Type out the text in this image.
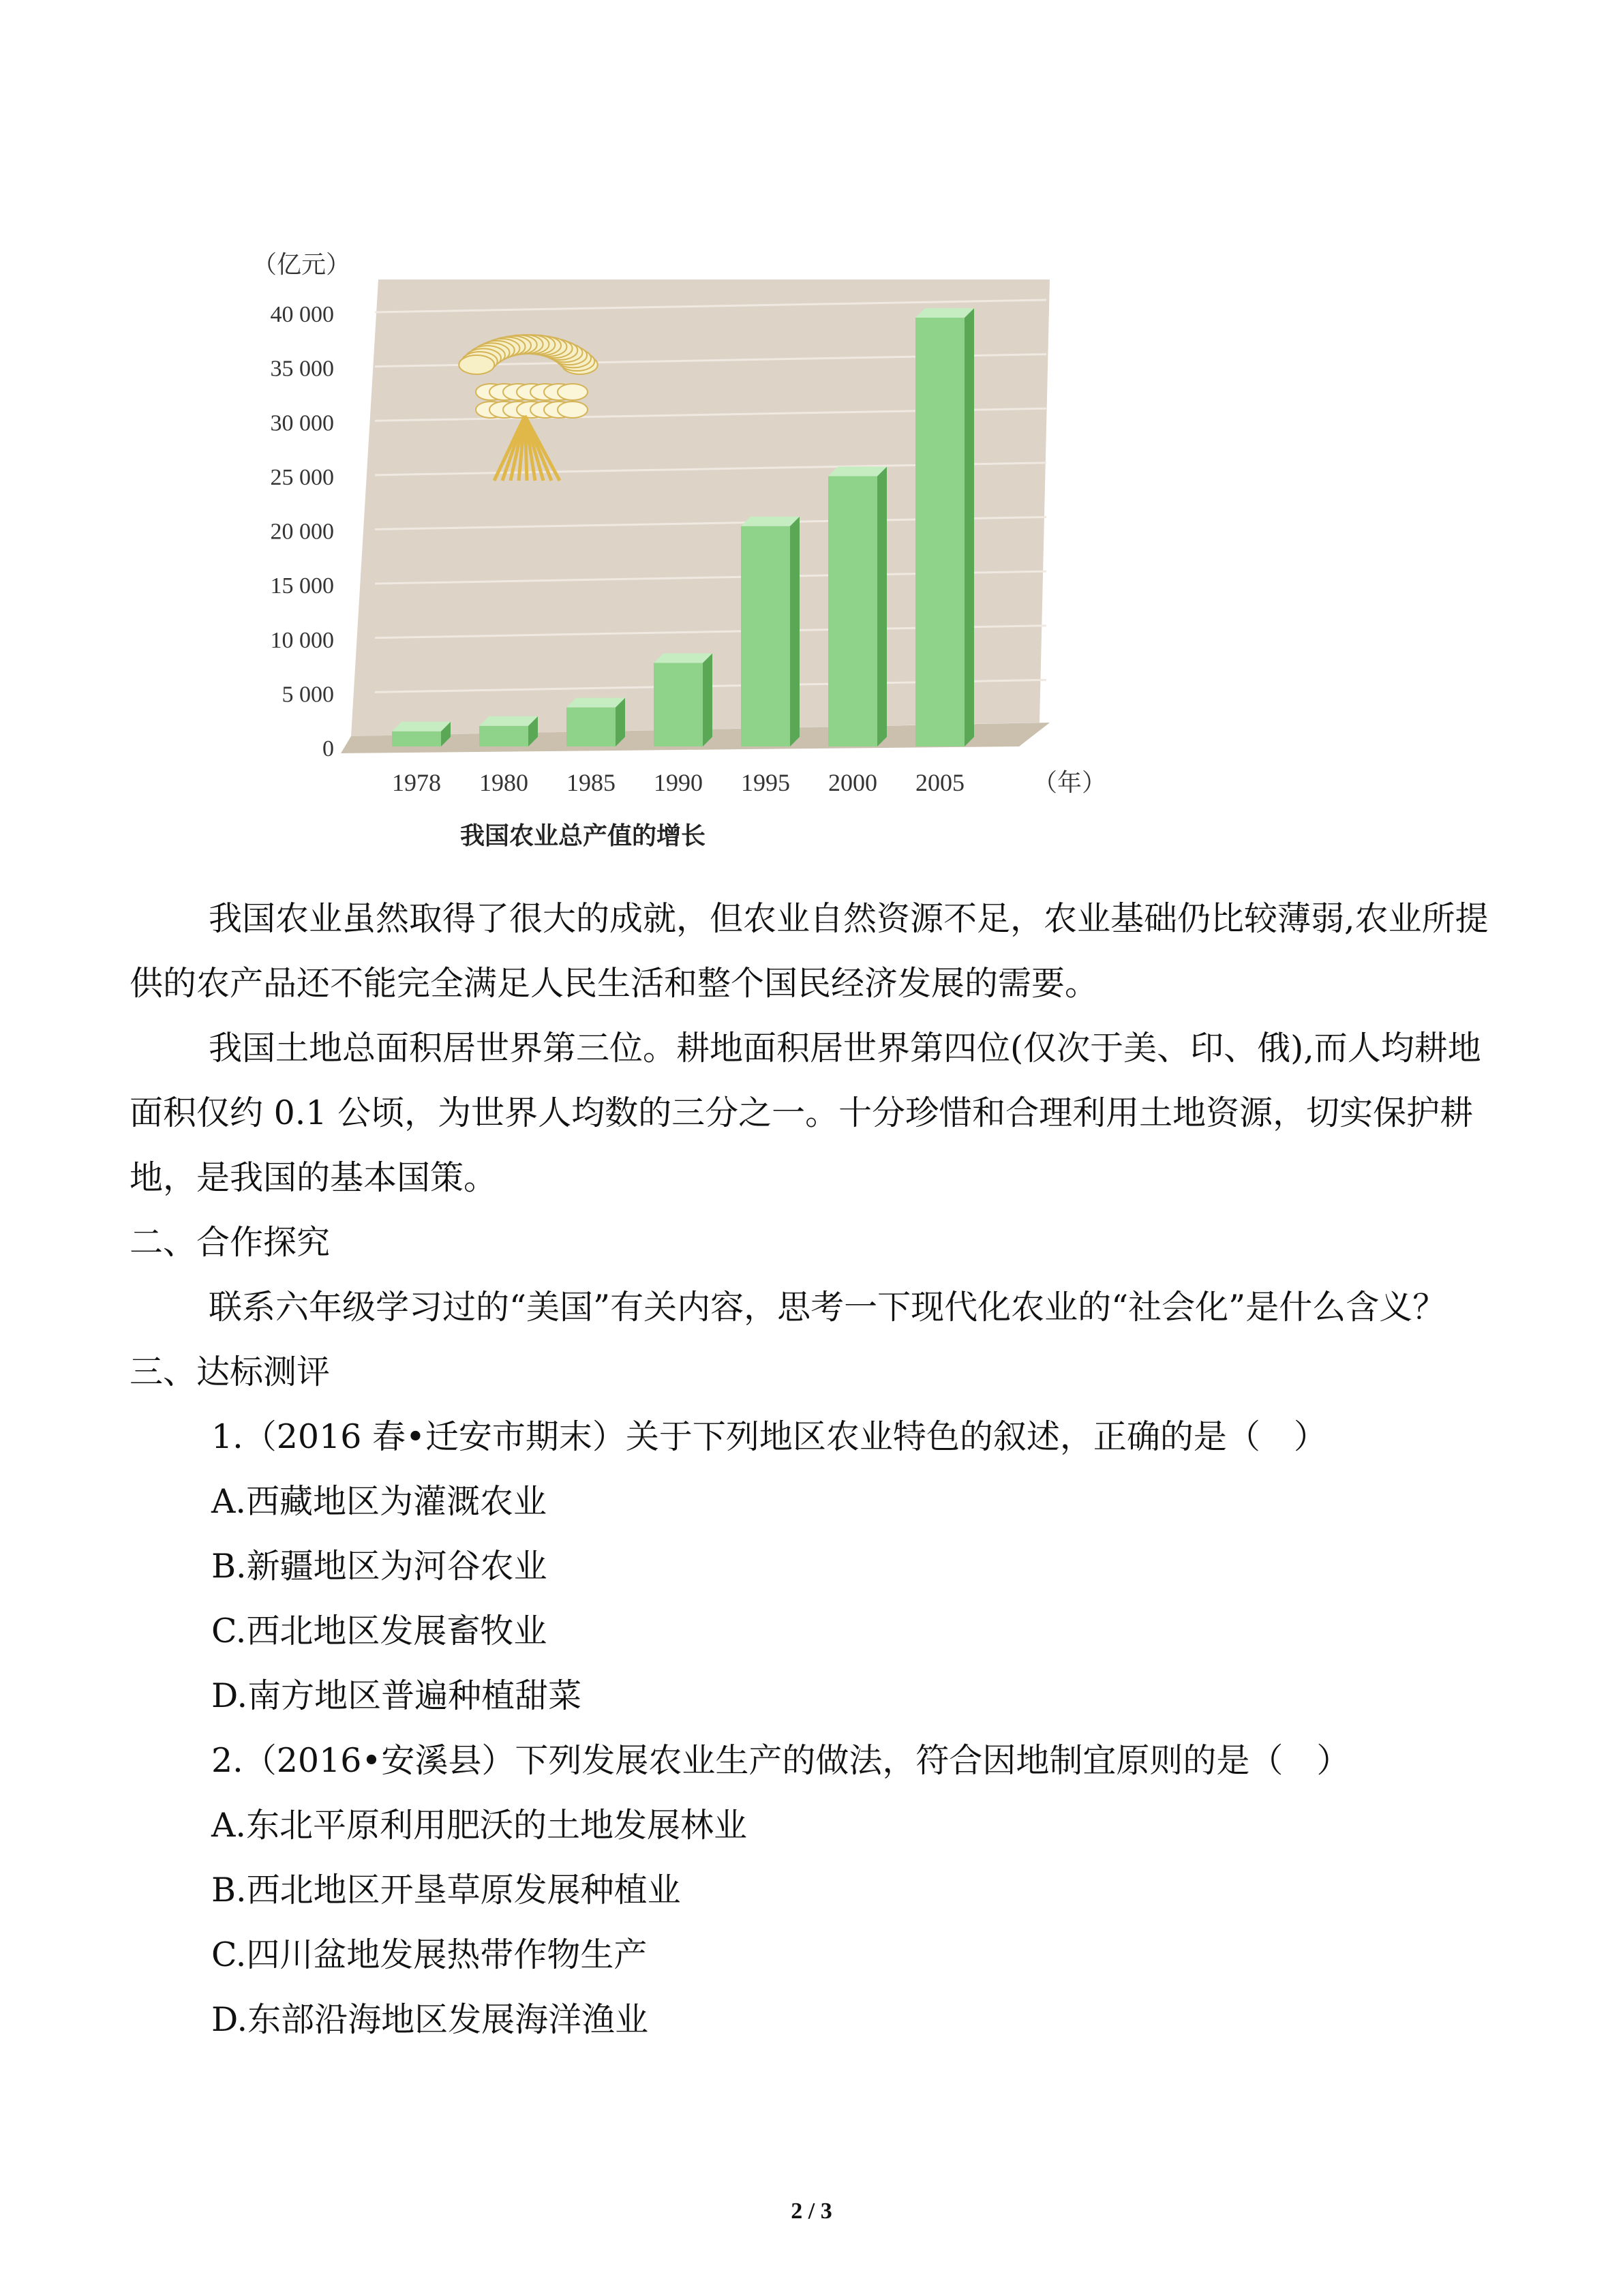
0
5 000
10 000
15 000
20 000
25 000
30 000
35 000
40 000
（亿元）
1978 1980 1985 1990 1995 2000 2005	（年）
我国农业总产值的增长

我国农业虽然取得了很大的成就，但农业自然资源不足，农业基础仍比较薄弱,农业所提供的农产品还不能完全满足人民生活和整个国民经济发展的需要。

我国土地总面积居世界第三位。耕地面积居世界第四位(仅次于美、印、俄),而人均耕地面积仅约 0.1 公顷，为世界人均数的三分之一。十分珍惜和合理利用土地资源，切实保护耕地，是我国的基本国策。

二、合作探究

联系六年级学习过的“美国”有关内容，思考一下现代化农业的“社会化”是什么含义？

三、达标测评

1.（2016 春•迁安市期末）关于下列地区农业特色的叙述，正确的是（　）

A.西藏地区为灌溉农业

B.新疆地区为河谷农业

C.西北地区发展畜牧业

D.南方地区普遍种植甜菜

2.（2016•安溪县）下列发展农业生产的做法，符合因地制宜原则的是（　）

A.东北平原利用肥沃的土地发展林业

B.西北地区开垦草原发展种植业

C.四川盆地发展热带作物生产

D.东部沿海地区发展海洋渔业

2 / 3
